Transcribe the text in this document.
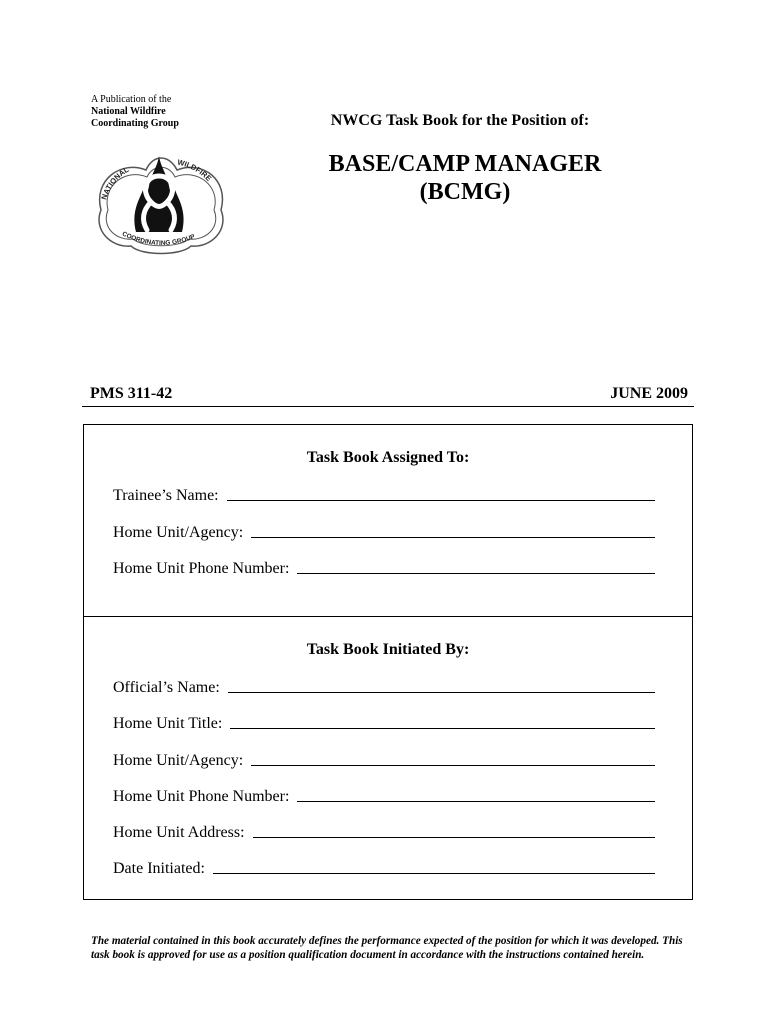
A Publication of the
National Wildfire
Coordinating Group	NWCG Task Book for the Position of:
BASE/CAMP MANAGER
(BCMG)
NATIONAL
WILDFIRE
COORDINATING GROUP
PMS 311-42	JUNE 2009
Task Book Assigned To:
Trainee’s Name:
Home Unit/Agency:
Home Unit Phone Number:
Task Book Initiated By:
Official’s Name:
Home Unit Title:
Home Unit/Agency:
Home Unit Phone Number:
Home Unit Address:
Date Initiated:
The material contained in this book accurately defines the performance expected of the position for which it was developed. This task book is approved for use as a position qualification document in accordance with the instructions contained herein.
